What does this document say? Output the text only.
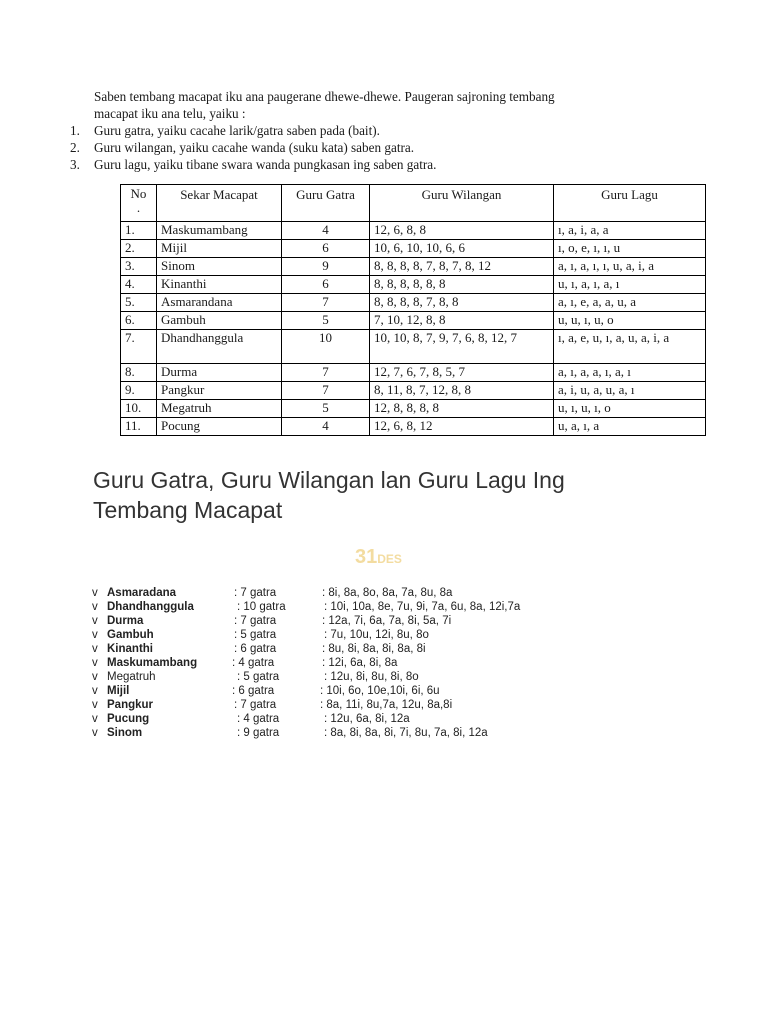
Saben tembang macapat iku ana paugerane dhewe-dhewe. Paugeran sajroning tembang
macapat iku ana telu, yaiku :
1.	Guru gatra, yaiku cacahe larik/gatra saben pada (bait).
2.	Guru wilangan, yaiku cacahe wanda (suku kata) saben gatra.
3.	Guru lagu, yaiku tibane swara wanda pungkasan ing saben gatra.
No
.	Sekar Macapat	Guru Gatra	Guru Wilangan	Guru Lagu
1.	Maskumambang	4	12, 6, 8, 8	ı, a, i, a, a
2.	Mijil	6	10, 6, 10, 10, 6, 6	ı, o, e, ı, ı, u
3.	Sinom	9	8, 8, 8, 8, 7, 8, 7, 8, 12	a, ı, a, ı, ı, u, a, i, a
4.	Kinanthi	6	8, 8, 8, 8, 8, 8	u, ı, a, ı, a, ı
5.	Asmarandana	7	8, 8, 8, 8, 7, 8, 8	a, ı, e, a, a, u, a
6.	Gambuh	5	7, 10, 12, 8, 8	u, u, ı, u, o
7.	Dhandhanggula	10	10, 10, 8, 7, 9, 7, 6, 8, 12, 7	ı, a, e, u, ı, a, u, a, i, a
8.	Durma	7	12, 7, 6, 7, 8, 5, 7	a, ı, a, a, ı, a, ı
9.	Pangkur	7	8, 11, 8, 7, 12, 8, 8	a, i, u, a, u, a, ı
10.	Megatruh	5	12, 8, 8, 8, 8	u, ı, u, ı, o
11.	Pocung	4	12, 6, 8, 12	u, a, ı, a
Guru Gatra, Guru Wilangan lan Guru Lagu Ing
Tembang Macapat
31DES
v Asmaradana	: 7 gatra	: 8i, 8a, 8o, 8a, 7a, 8u, 8a
v Dhandhanggula	: 10 gatra	: 10i, 10a, 8e, 7u, 9i, 7a, 6u, 8a, 12i,7a
v Durma	: 7 gatra	: 12a, 7i, 6a, 7a, 8i, 5a, 7i
v Gambuh	: 5 gatra	: 7u, 10u, 12i, 8u, 8o
v Kinanthi	: 6 gatra	: 8u, 8i, 8a, 8i, 8a, 8i
v Maskumambang	: 4 gatra	: 12i, 6a, 8i, 8a
v Megatruh	: 5 gatra	: 12u, 8i, 8u, 8i, 8o
v Mijil	: 6 gatra	: 10i, 6o, 10e,10i, 6i, 6u
v Pangkur	: 7 gatra	: 8a, 11i, 8u,7a, 12u, 8a,8i
v Pucung	: 4 gatra	: 12u, 6a, 8i, 12a
v Sinom	: 9 gatra	: 8a, 8i, 8a, 8i, 7i, 8u, 7a, 8i, 12a
